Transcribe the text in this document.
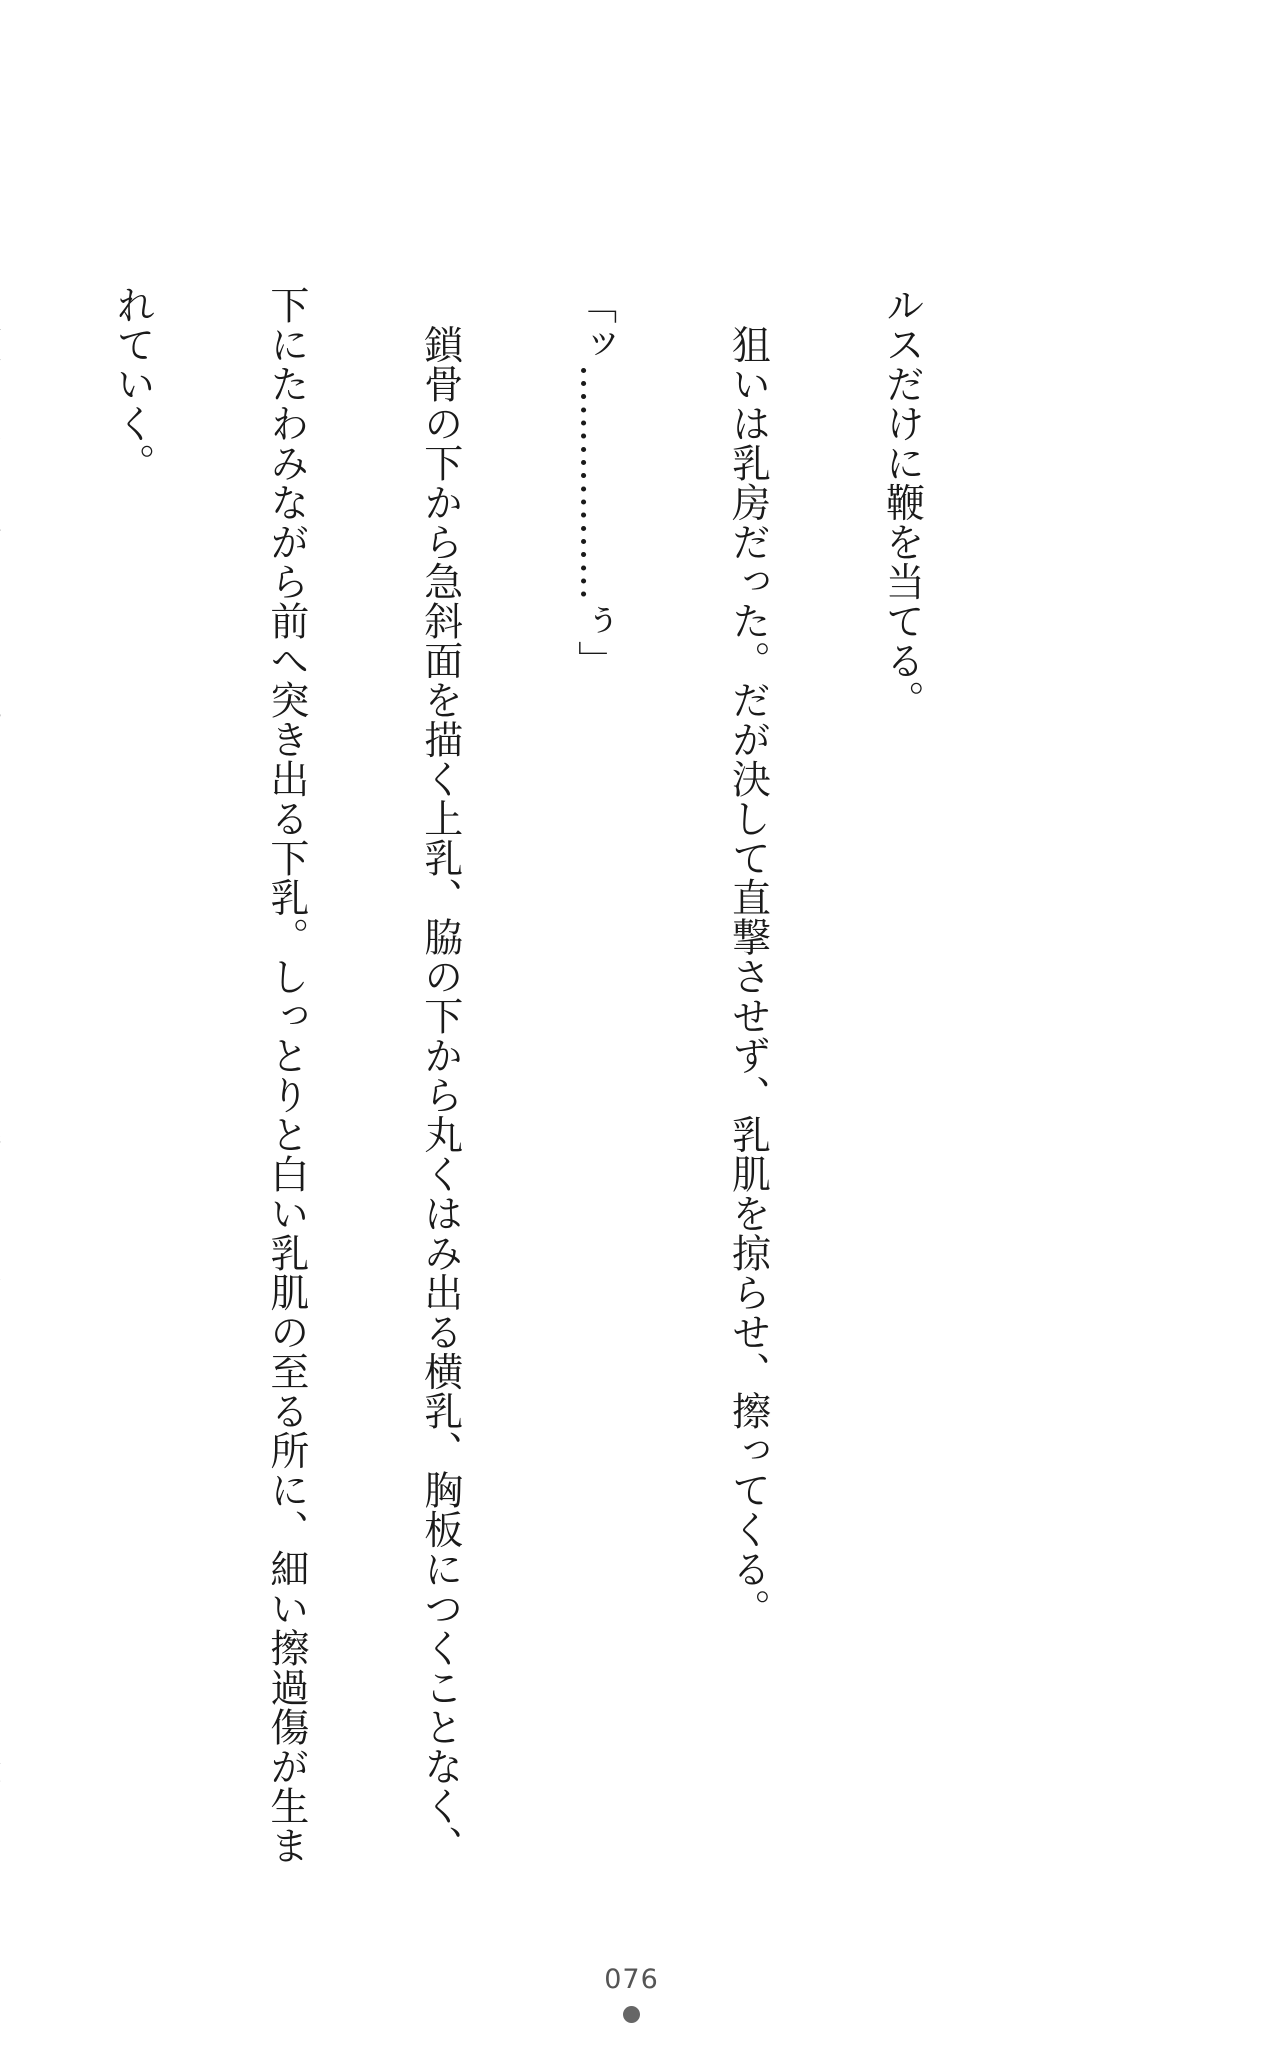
ルスだけに鞭を当てる。

　狙いは乳房だった。だが決して直撃させず、乳肌を掠らせ、擦ってくる。

「ッ………………ぅ」

　鎖骨の下から急斜面を描く上乳、脇の下から丸くはみ出る横乳、胸板につくことなく、

下にたわみながら前へ突き出る下乳。しっとりと白い乳肌の至る所に、細い擦過傷が生ま

れていく。

076
